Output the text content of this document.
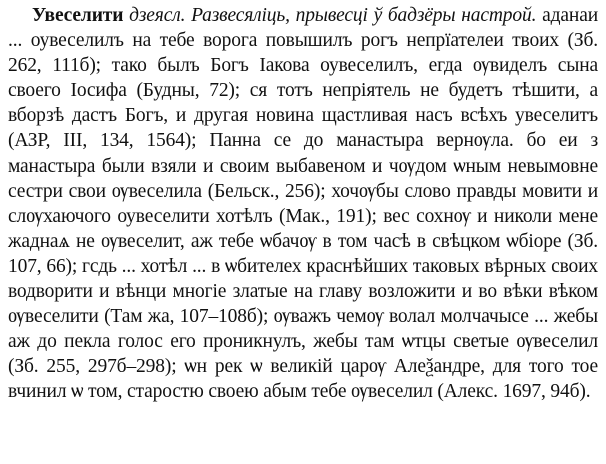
Увеселити дзеясл. Развесяліць, прывесці ў бадзёры настрой. аданаи ... оувеселилъ на тебе ворога повышилъ рогъ непрїателеи твоих (Зб. 262, 111б); тако былъ Богъ Іакова оувеселилъ, егда ѹвиделъ сына своего Іосифа (Будны, 72); ся тотъ непріятель не будетъ тѣшити, а вборзѣ дастъ Богъ, и другая новина щастливая насъ всѣхъ увеселитъ (АЗР, III, 134, 1564); Панна се до манастыра вернѹла. бо еи з манастыра были взяли и своим выбавеном и чѹдом ѡным невымовне сестри свои ѹвеселила (Бельск., 256); хочѹбы слово правды мовити и слѹхаючого оувеселити хотѣлъ (Мак., 191); вес сохнѹ и николи мене жаднаѧ не ѹвеселит, аж тебе ѡбачѹ в том часѣ в свѣцком ѡбіоре (Зб. 107, 66); гсдь ... хотѣл ... в ѡбителех краснѣйших таковых вѣрных своих водворити и вѣнци многіе златые на главу возложити и во вѣки вѣком ѹвеселити (Там жа, 107–108б); ѹважъ чемѹ волал молчачысе ... жебы аж до пекла голос его проникнулъ, жебы там ѡтцы светые ѹвеселил (Зб. 255, 297б–298); ѡн рек ѡ великій царѹ Алеѯандре, для того тое вчинил ѡ том, старостю своею абым тебе ѹвеселил (Алекс. 1697, 94б).
